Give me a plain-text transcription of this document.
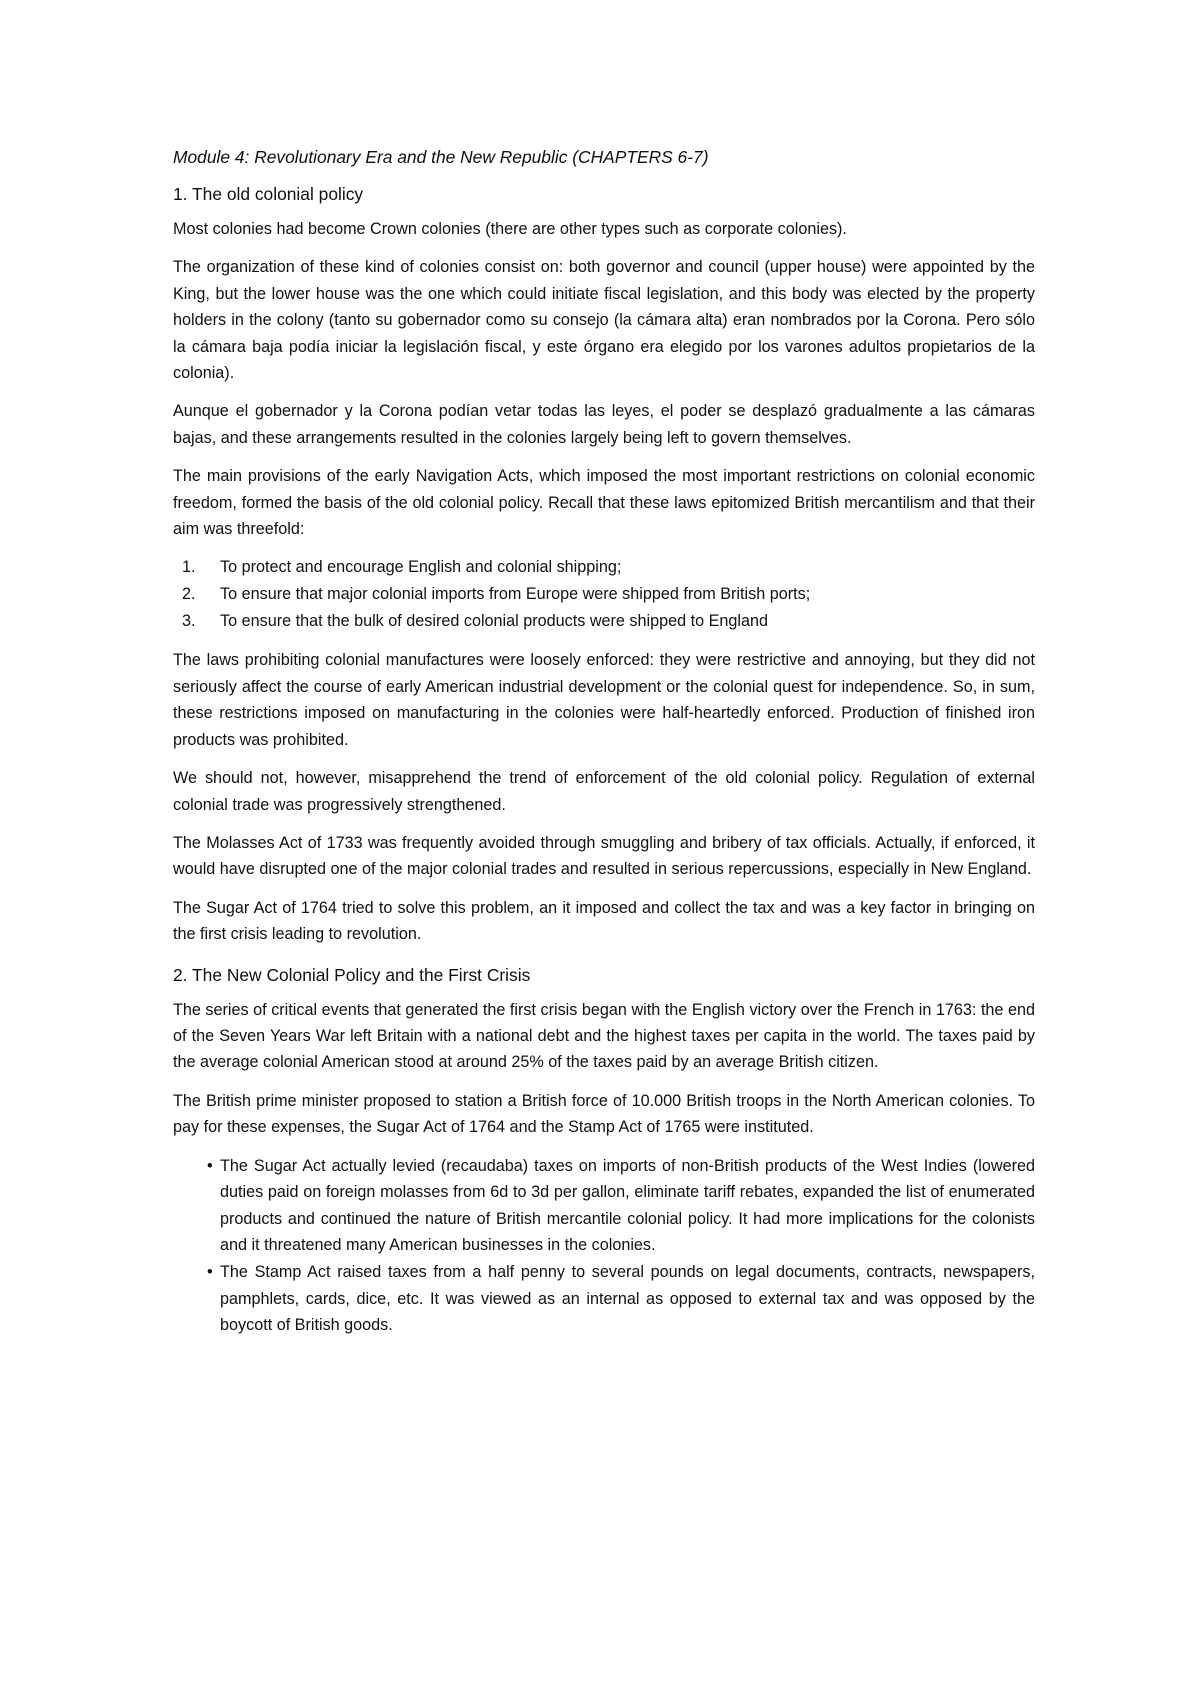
Module 4: Revolutionary Era and the New Republic (CHAPTERS 6-7)
1. The old colonial policy

Most colonies had become Crown colonies (there are other types such as corporate colonies).

The organization of these kind of colonies consist on: both governor and council (upper house) were appointed by the King, but the lower house was the one which could initiate fiscal legislation, and this body was elected by the property holders in the colony (tanto su gobernador como su consejo (la cámara alta) eran nombrados por la Corona. Pero sólo la cámara baja podía iniciar la legislación fiscal, y este órgano era elegido por los varones adultos propietarios de la colonia).

Aunque el gobernador y la Corona podían vetar todas las leyes, el poder se desplazó gradualmente a las cámaras bajas, and these arrangements resulted in the colonies largely being left to govern themselves.

The main provisions of the early Navigation Acts, which imposed the most important restrictions on colonial economic freedom, formed the basis of the old colonial policy. Recall that these laws epitomized British mercantilism and that their aim was threefold:

1.	To protect and encourage English and colonial shipping;
2.	To ensure that major colonial imports from Europe were shipped from British ports;
3.	To ensure that the bulk of desired colonial products were shipped to England

The laws prohibiting colonial manufactures were loosely enforced: they were restrictive and annoying, but they did not seriously affect the course of early American industrial development or the colonial quest for independence. So, in sum, these restrictions imposed on manufacturing in the colonies were half-heartedly enforced. Production of finished iron products was prohibited.

We should not, however, misapprehend the trend of enforcement of the old colonial policy. Regulation of external colonial trade was progressively strengthened.

The Molasses Act of 1733 was frequently avoided through smuggling and bribery of tax officials. Actually, if enforced, it would have disrupted one of the major colonial trades and resulted in serious repercussions, especially in New England.

The Sugar Act of 1764 tried to solve this problem, an it imposed and collect the tax and was a key factor in bringing on the first crisis leading to revolution.

2. The New Colonial Policy and the First Crisis

The series of critical events that generated the first crisis began with the English victory over the French in 1763: the end of the Seven Years War left Britain with a national debt and the highest taxes per capita in the world. The taxes paid by the average colonial American stood at around 25% of the taxes paid by an average British citizen.

The British prime minister proposed to station a British force of 10.000 British troops in the North American colonies. To pay for these expenses, the Sugar Act of 1764 and the Stamp Act of 1765 were instituted.

• The Sugar Act actually levied (recaudaba) taxes on imports of non-British products of the West Indies (lowered duties paid on foreign molasses from 6d to 3d per gallon, eliminate tariff rebates, expanded the list of enumerated products and continued the nature of British mercantile colonial policy. It had more implications for the colonists and it threatened many American businesses in the colonies.
• The Stamp Act raised taxes from a half penny to several pounds on legal documents, contracts, newspapers, pamphlets, cards, dice, etc. It was viewed as an internal as opposed to external tax and was opposed by the boycott of British goods.
